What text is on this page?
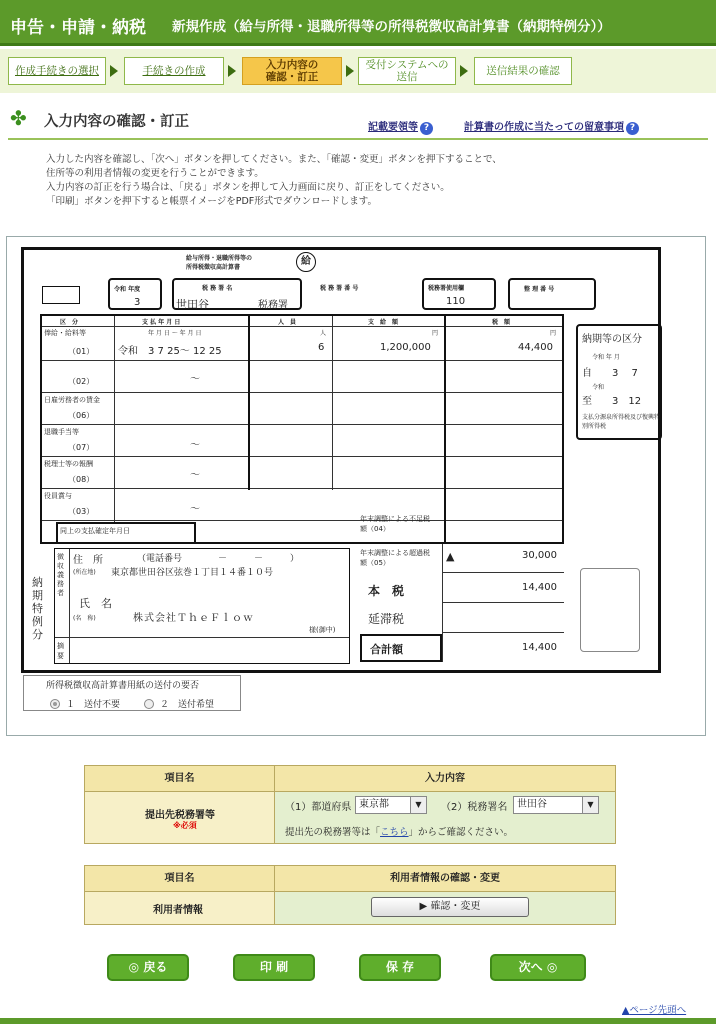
申告・申請・納税 新規作成（給与所得・退職所得等の所得税徴収高計算書（納期特例分））
作成手続きの選択	手続きの作成	入力内容の
確認・訂正
受付システムへの
送信	送信結果の確認
✤ 入力内容の確認・訂正	記載要領等 ?	計算書の作成に当たっての留意事項 ?
入力した内容を確認し、「次へ」ボタンを押してください。また、「確認・変更」ボタンを押下することで、
住所等の利用者情報の変更を行うことができます。
入力内容の訂正を行う場合は、「戻る」ボタンを押して入力画面に戻り、訂正をしてください。
「印刷」ボタンを押下すると帳票イメージをPDF形式でダウンロードします。
給与所得・退職所得等の
所得税徴収高計算書
給
令和 年度
3
税 務 署 名
世田谷	税務署
税 務 署 番 号	税務署使用欄
110
整 理 番 号
区　分	支 払 年 月 日	人　員	支　給　額	税　額
年 月 日 ～ 年 月 日	人	円	円
俸給・給料等
（01） 令和　3 7 25～ 12 25	6	1,200,000	44,400
（02）	～
日雇労務者の賃金
（06）
退職手当等
（07）	～
税理士等の報酬
（08）	～
役員賞与
（03）	～
同上の支払確定年月日
年末調整による不足税額（04）
年末調整による超過税額（05）	▲	30,000
本　税	14,400
延滞税
合計額	14,400
納期等の区分
令和 年 月
自　　3　 7
令和
至　　3　12
支払分源泉所得税及び復興特別所得税
納期特例分
徴収義務者
住　所	（電話番号　　　　－　　　－　　　）
(所在地) 東京都世田谷区弦巻１丁目１４番１０号
氏　名
(名　称)	株式会社ＴｈｅＦｌｏｗ
様(御中)
摘要
所得税徴収高計算書用紙の送付の要否
１　送付不要	２　送付希望
項目名	入力内容
提出先税務署等
※必須
（1）都道府県 東京都	▼	（2）税務署名 世田谷	▼
提出先の税務署等は「こちら」からご確認ください。
項目名	利用者情報の確認・変更
利用者情報	▶ 確認・変更
◎ 戻る	印 刷	保 存	次へ ◎
▲ページ先頭へ
